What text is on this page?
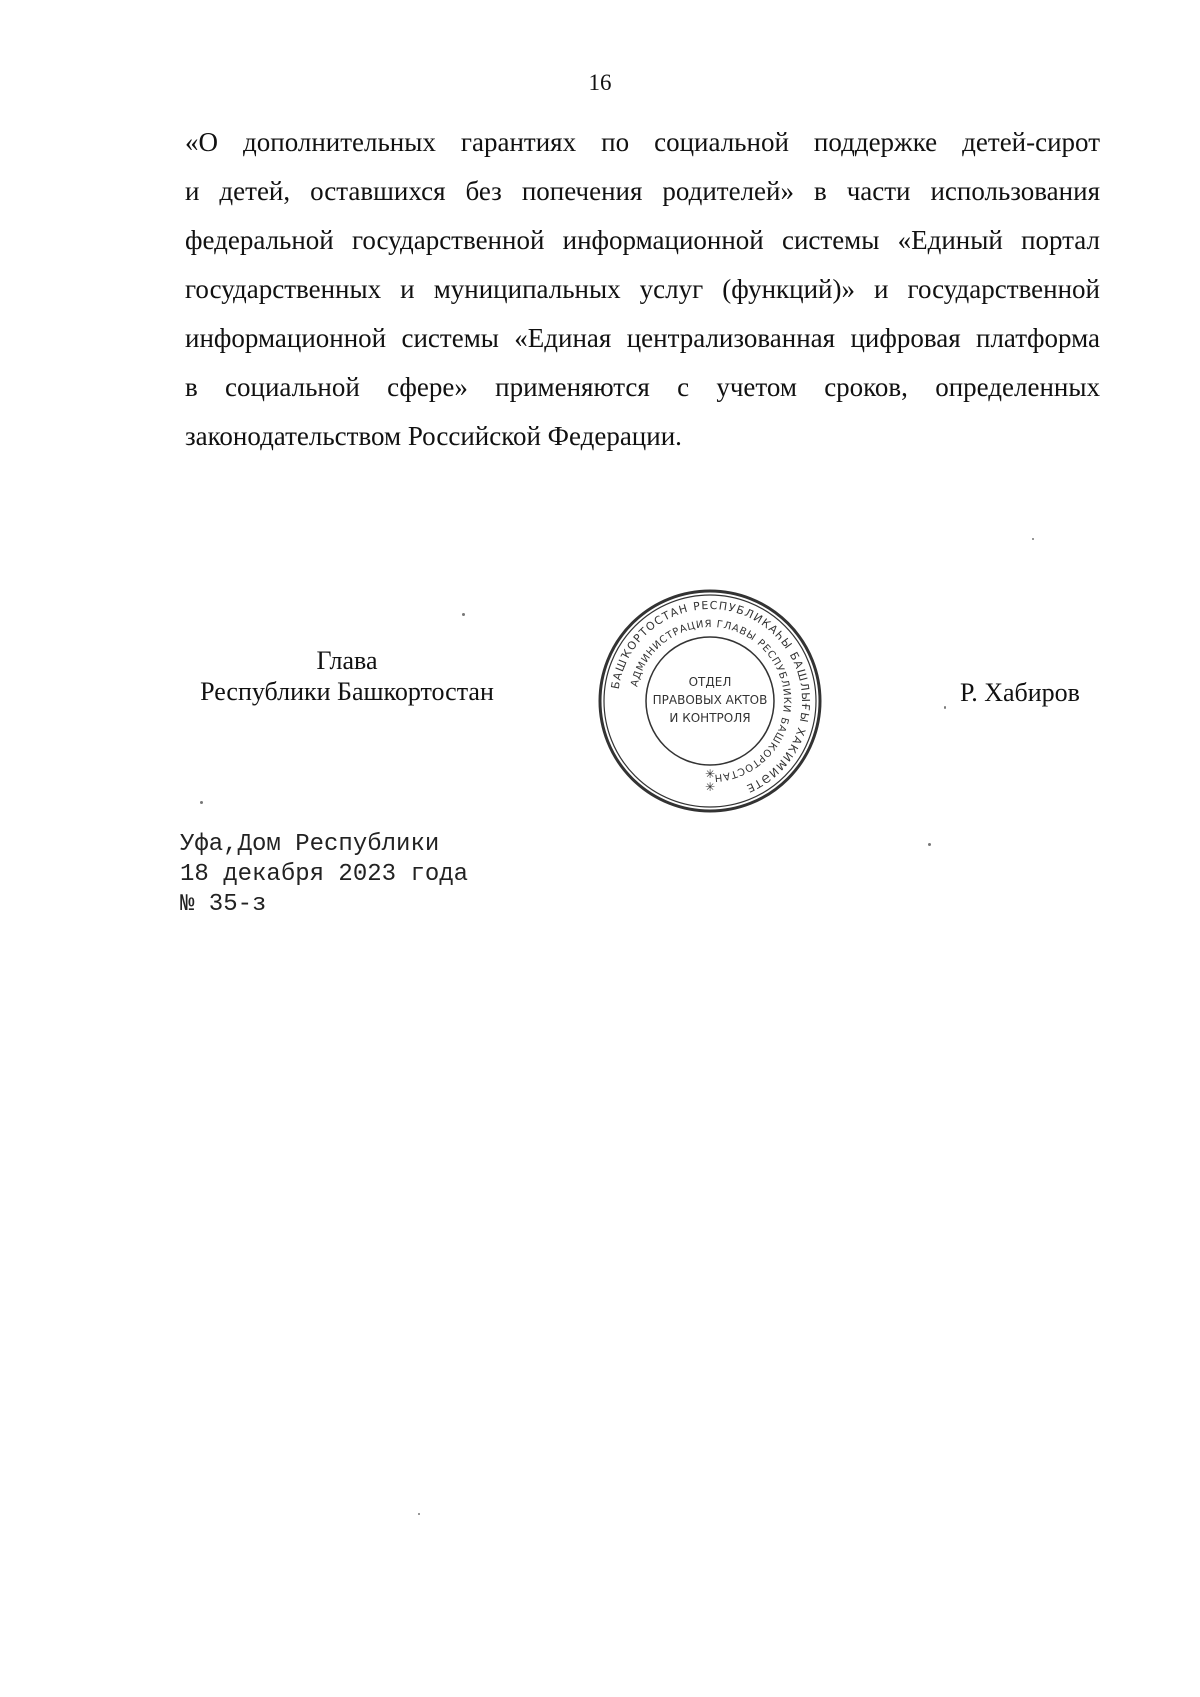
16

«О дополнительных гарантиях по социальной поддержке детей-сирот
и детей, оставшихся без попечения родителей» в части использования
федеральной государственной информационной системы «Единый портал
государственных и муниципальных услуг (функций)» и государственной
информационной системы «Единая централизованная цифровая платформа
в социальной сфере» применяются с учетом сроков, определенных
законодательством Российской Федерации.

Глава
Республики Башкортостан	БАШҠОРТОСТАН РЕСПУБЛИКАҺЫ БАШЛЫҒЫ ХАКИМИӘТЕ
АДМИНИСТРАЦИЯ ГЛАВЫ РЕСПУБЛИКИ БАШКОРТОСТАН
ОТДЕЛ
ПРАВОВЫХ АКТОВ
И КОНТРОЛЯ
✳
✳
Р. Хабиров
Уфа,Дом Республики
18 декабря 2023 года
№ 35-з
